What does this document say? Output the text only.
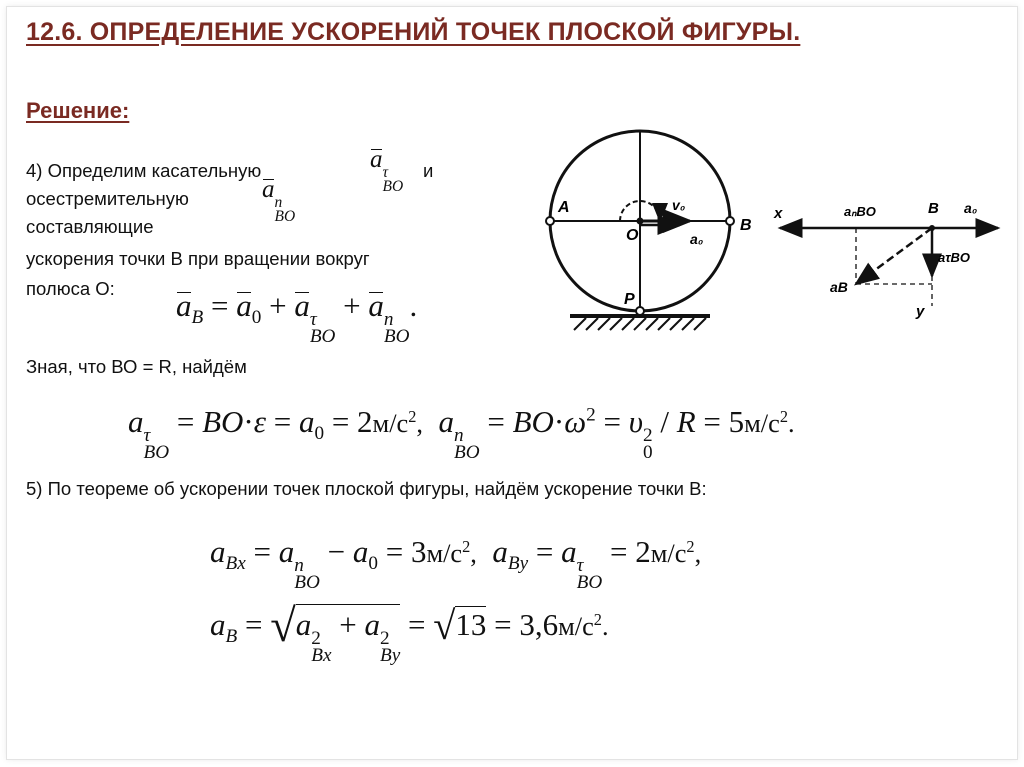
12.6. ОПРЕДЕЛЕНИЕ УСКОРЕНИЙ ТОЧЕК ПЛОСКОЙ ФИГУРЫ.
Решение:
4) Определим касательную	a τ
BO
и
осестремительную	a n
BO
составляющие
ускорения точки В при вращении вокруг
полюса О: $a_B = a_0 + a$ τ
BO
+ a n
BO
.
Зная, что ВО = R, найдём
a τ
BO
= $BO\cdot\varepsilon = a_0 = 2м/с^2$,  a n
BO
= $BO\cdot\omega^2 = \upsilon$ 2
0
/ $R = 5м/с^2$.
5) По теореме об ускорении точек плоской фигуры, найдём ускорение точки В:
$a_{Bx} = a$ n
BO
− $a_0 = 3м/с^2$,  $a_{By} = a$ τ
BO
= $2м/с^2$,
$a_B = √a$ 2
Bx
+ a 2
By
= $√13 = 3,6м/с^2$.
A
B
O
P
v₀
a₀
x	aₙBO	B a₀
aτBO
aB
y
